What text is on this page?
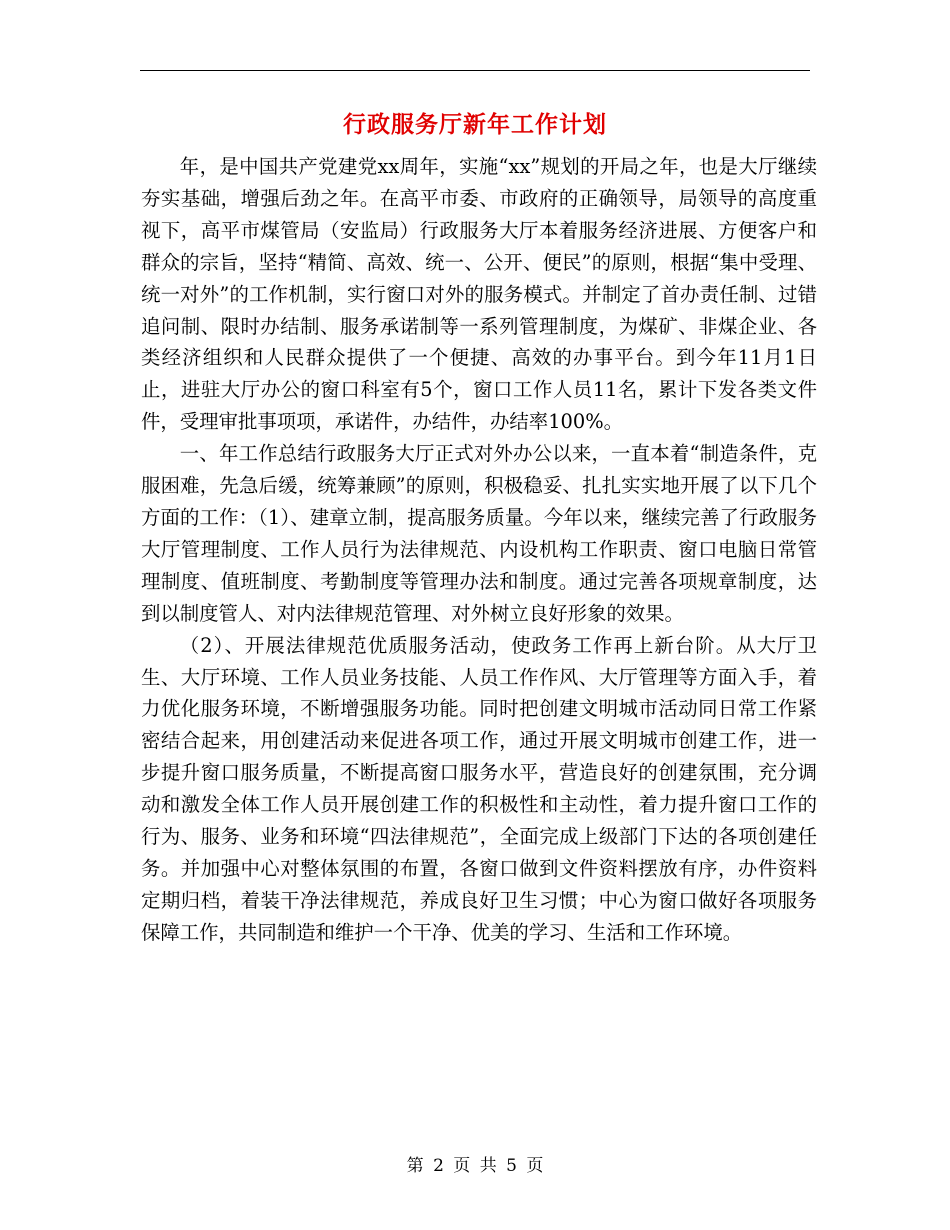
行政服务厅新年工作计划

年，是中国共产党建党xx周年，实施“xx”规划的开局之年，也是大厅继续夯实基础，增强后劲之年。在高平市委、市政府的正确领导，局领导的高度重视下，高平市煤管局（安监局）行政服务大厅本着服务经济进展、方便客户和群众的宗旨，坚持“精简、高效、统一、公开、便民”的原则，根据“集中受理、统一对外”的工作机制，实行窗口对外的服务模式。并制定了首办责任制、过错追问制、限时办结制、服务承诺制等一系列管理制度，为煤矿、非煤企业、各类经济组织和人民群众提供了一个便捷、高效的办事平台。到今年11月1日止，进驻大厅办公的窗口科室有5个，窗口工作人员11名，累计下发各类文件件，受理审批事项项，承诺件，办结件，办结率100%。

一、年工作总结行政服务大厅正式对外办公以来，一直本着“制造条件，克服困难，先急后缓，统筹兼顾”的原则，积极稳妥、扎扎实实地开展了以下几个方面的工作：（1）、建章立制，提高服务质量。今年以来，继续完善了行政服务大厅管理制度、工作人员行为法律规范、内设机构工作职责、窗口电脑日常管理制度、值班制度、考勤制度等管理办法和制度。通过完善各项规章制度，达到以制度管人、对内法律规范管理、对外树立良好形象的效果。

（2）、开展法律规范优质服务活动，使政务工作再上新台阶。从大厅卫生、大厅环境、工作人员业务技能、人员工作作风、大厅管理等方面入手，着力优化服务环境，不断增强服务功能。同时把创建文明城市活动同日常工作紧密结合起来，用创建活动来促进各项工作，通过开展文明城市创建工作，进一步提升窗口服务质量，不断提高窗口服务水平，营造良好的创建氛围，充分调动和激发全体工作人员开展创建工作的积极性和主动性，着力提升窗口工作的行为、服务、业务和环境“四法律规范”，全面完成上级部门下达的各项创建任务。并加强中心对整体氛围的布置，各窗口做到文件资料摆放有序，办件资料定期归档，着装干净法律规范，养成良好卫生习惯；中心为窗口做好各项服务保障工作，共同制造和维护一个干净、优美的学习、生活和工作环境。

第 2 页 共 5 页
